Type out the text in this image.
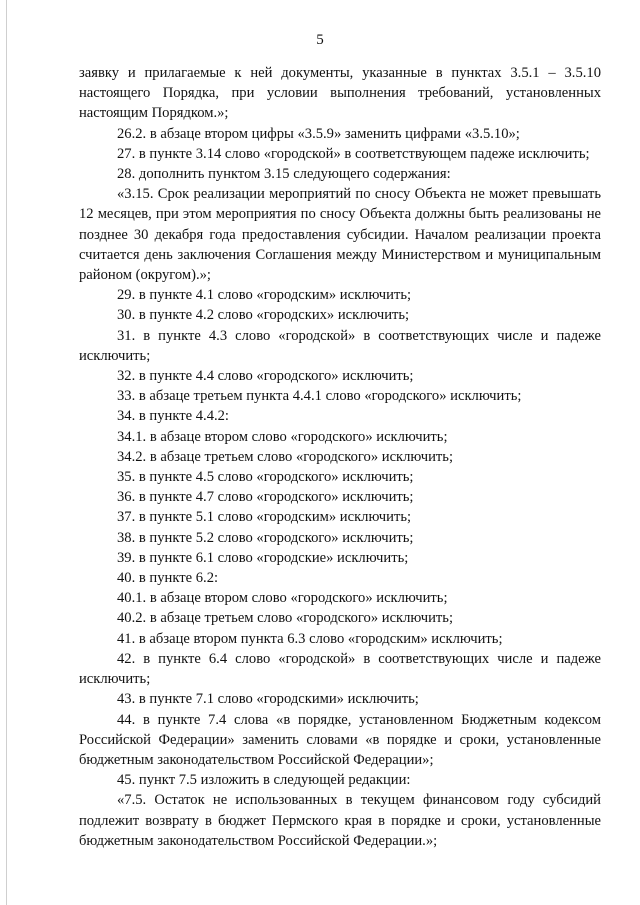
5

заявку и прилагаемые к ней документы, указанные в пунктах 3.5.1 – 3.5.10 настоящего Порядка, при условии выполнения требований, установленных настоящим Порядком.»;

26.2. в абзаце втором цифры «3.5.9» заменить цифрами «3.5.10»;

27. в пункте 3.14 слово «городской» в соответствующем падеже исключить;

28. дополнить пунктом 3.15 следующего содержания:

«3.15. Срок реализации мероприятий по сносу Объекта не может превышать 12 месяцев, при этом мероприятия по сносу Объекта должны быть реализованы не позднее 30 декабря года предоставления субсидии. Началом реализации проекта считается день заключения Соглашения между Министерством и муниципальным районом (округом).»;

29. в пункте 4.1 слово «городским» исключить;

30. в пункте 4.2 слово «городских» исключить;

31. в пункте 4.3 слово «городской» в соответствующих числе и падеже исключить;

32. в пункте 4.4 слово «городского» исключить;

33. в абзаце третьем пункта 4.4.1 слово «городского» исключить;

34. в пункте 4.4.2:

34.1. в абзаце втором слово «городского» исключить;

34.2. в абзаце третьем слово «городского» исключить;

35. в пункте 4.5 слово «городского» исключить;

36. в пункте 4.7 слово «городского» исключить;

37. в пункте 5.1 слово «городским» исключить;

38. в пункте 5.2 слово «городского» исключить;

39. в пункте 6.1 слово «городские» исключить;

40. в пункте 6.2:

40.1. в абзаце втором слово «городского» исключить;

40.2. в абзаце третьем слово «городского» исключить;

41. в абзаце втором пункта 6.3 слово «городским» исключить;

42. в пункте 6.4 слово «городской» в соответствующих числе и падеже исключить;

43. в пункте 7.1 слово «городскими» исключить;

44. в пункте 7.4 слова «в порядке, установленном Бюджетным кодексом Российской Федерации» заменить словами «в порядке и сроки, установленные бюджетным законодательством Российской Федерации»;

45. пункт 7.5 изложить в следующей редакции:

«7.5. Остаток не использованных в текущем финансовом году субсидий подлежит возврату в бюджет Пермского края в порядке и сроки, установленные бюджетным законодательством Российской Федерации.»;
